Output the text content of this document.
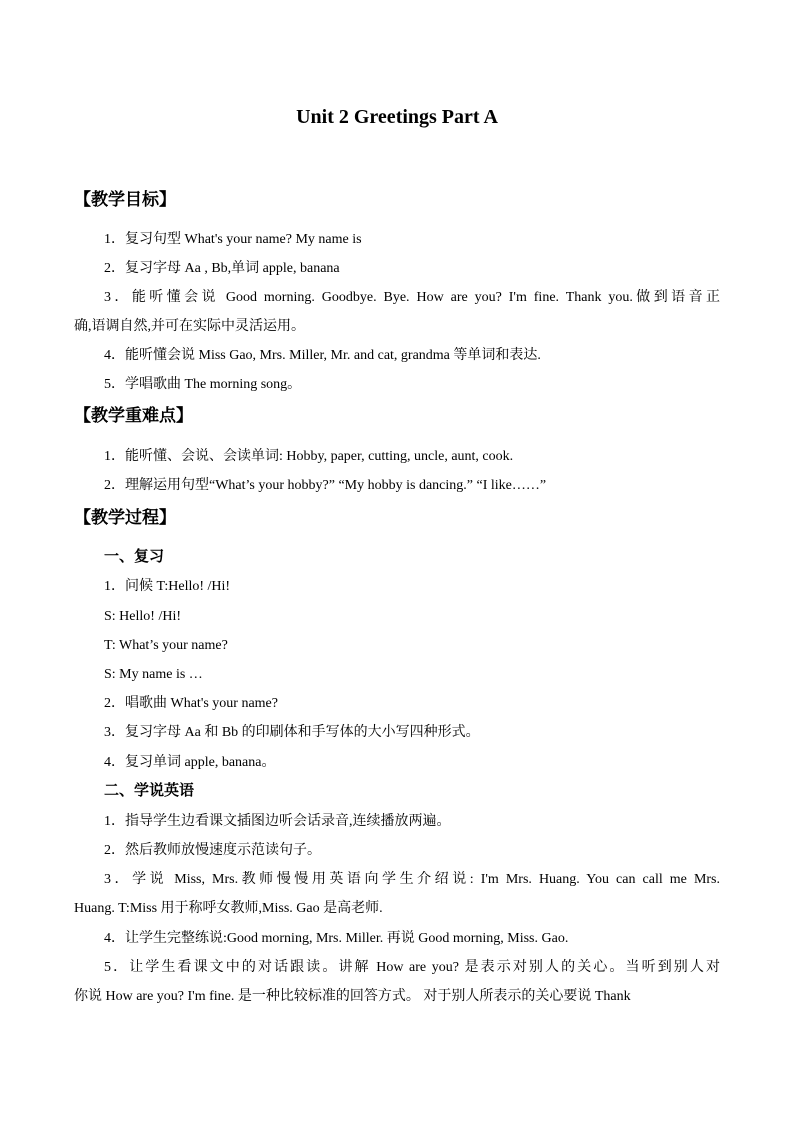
Unit 2 Greetings Part A
【教学目标】
1．复习句型 What's your name? My name is
2．复习字母 Aa , Bb,单词 apple, banana
3．能听懂会说 Good morning. Goodbye. Bye. How are you? I'm fine. Thank you.做到语音正
确,语调自然,并可在实际中灵活运用。
4．能听懂会说 Miss Gao, Mrs. Miller, Mr. and cat, grandma 等单词和表达.
5．学唱歌曲 The morning song。
【教学重难点】
1．能听懂、会说、会读单词: Hobby, paper, cutting, uncle, aunt, cook.
2．理解运用句型“What’s your hobby?” “My hobby is dancing.” “I like……”
【教学过程】
一、复习
1．问候 T:Hello! /Hi!
S: Hello! /Hi!
T: What’s your name?
S: My name is …
2．唱歌曲 What's your name?
3．复习字母 Aa 和 Bb 的印刷体和手写体的大小写四种形式。
4．复习单词 apple, banana。
二、学说英语
1．指导学生边看课文插图边听会话录音,连续播放两遍。
2．然后教师放慢速度示范读句子。
3．学说 Miss, Mrs.教师慢慢用英语向学生介绍说: I'm Mrs. Huang. You can call me Mrs.
Huang. T:Miss 用于称呼女教师,Miss. Gao 是高老师.
4．让学生完整练说:Good morning, Mrs. Miller. 再说 Good morning, Miss. Gao.
5．让学生看课文中的对话跟读。讲解 How are you? 是表示对别人的关心。当听到别人对
你说 How are you? I'm fine. 是一种比较标准的回答方式。 对于别人所表示的关心要说 Thank
